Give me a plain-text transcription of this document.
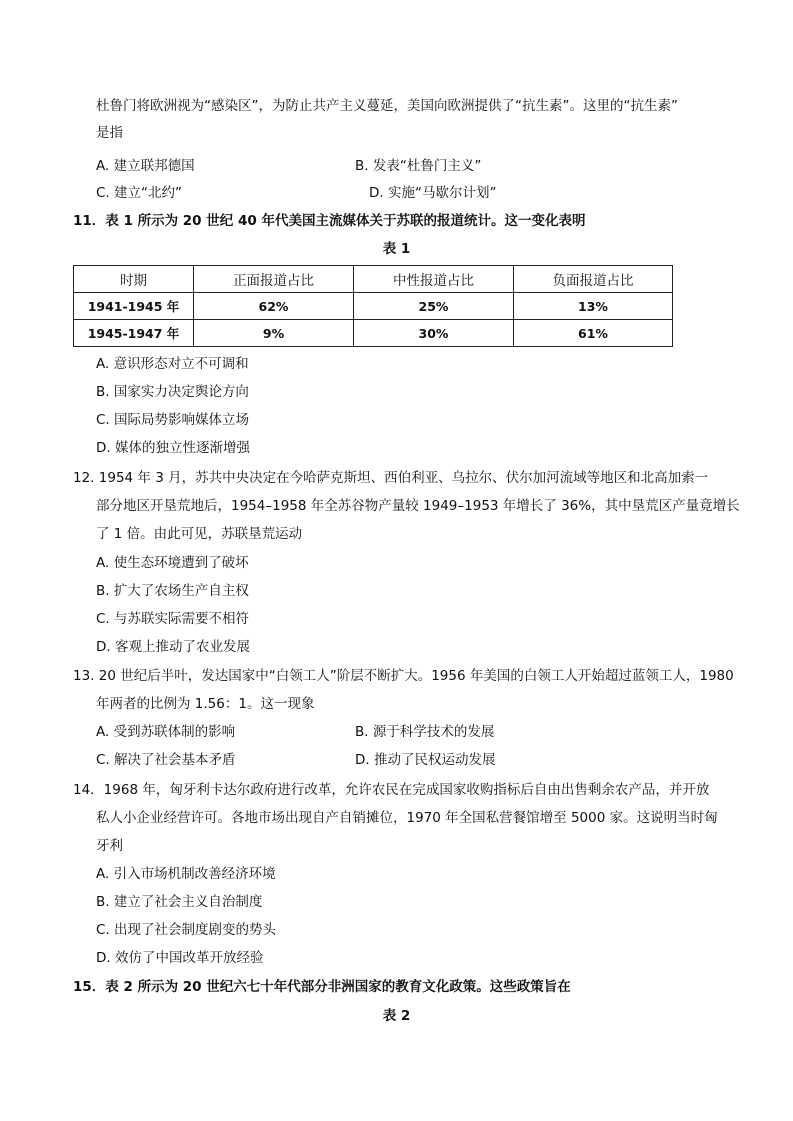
杜鲁门将欧洲视为“感染区”，为防止共产主义蔓延，美国向欧洲提供了“抗生素”。这里的“抗生素”
是指
A. 建立联邦德国	B. 发表“杜鲁门主义”
C. 建立“北约”	D. 实施“马歇尔计划”
11．表 1 所示为 20 世纪 40 年代美国主流媒体关于苏联的报道统计。这一变化表明
表 1
时期	正面报道占比	中性报道占比	负面报道占比
1941-1945 年	62%	25%	13%
1945-1947 年	9%	30%	61%
A. 意识形态对立不可调和
B. 国家实力决定舆论方向
C. 国际局势影响媒体立场
D. 媒体的独立性逐渐增强
12. 1954 年 3 月，苏共中央决定在今哈萨克斯坦、西伯利亚、乌拉尔、伏尔加河流域等地区和北高加索一
部分地区开垦荒地后，1954–1958 年全苏谷物产量较 1949–1953 年增长了 36%，其中垦荒区产量竟增长
了 1 倍。由此可见，苏联垦荒运动
A. 使生态环境遭到了破坏
B. 扩大了农场生产自主权
C. 与苏联实际需要不相符
D. 客观上推动了农业发展
13. 20 世纪后半叶，发达国家中“白领工人”阶层不断扩大。1956 年美国的白领工人开始超过蓝领工人，1980
年两者的比例为 1.56：1。这一现象
A. 受到苏联体制的影响	B. 源于科学技术的发展
C. 解决了社会基本矛盾	D. 推动了民权运动发展
14．1968 年，匈牙利卡达尔政府进行改革，允许农民在完成国家收购指标后自由出售剩余农产品，并开放
私人小企业经营许可。各地市场出现自产自销摊位，1970 年全国私营餐馆增至 5000 家。这说明当时匈
牙利
A. 引入市场机制改善经济环境
B. 建立了社会主义自治制度
C. 出现了社会制度剧变的势头
D. 效仿了中国改革开放经验
15．表 2 所示为 20 世纪六七十年代部分非洲国家的教育文化政策。这些政策旨在
表 2
